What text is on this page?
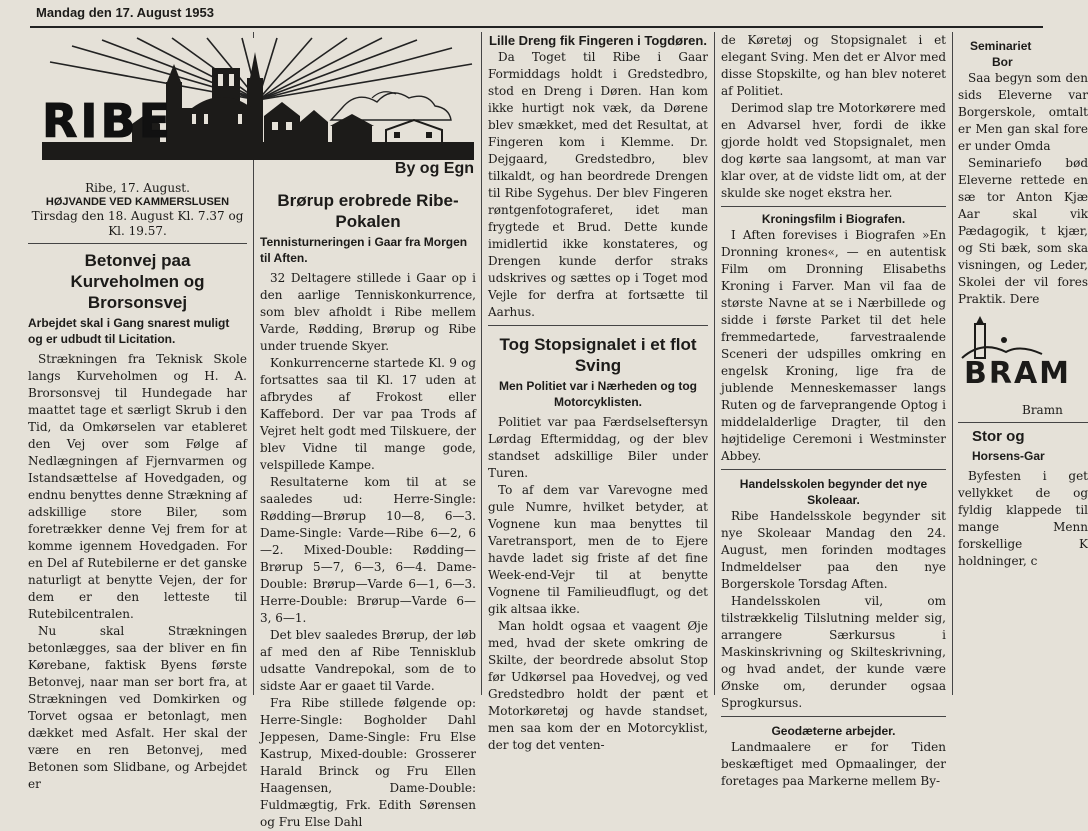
Mandag den 17. August 1953
RIBE
By og Egn
Ribe, 17. August.
HØJVANDE VED KAMMERSLUSEN
Tirsdag den 18. August Kl. 7.37 og Kl. 19.57.
Betonvej paa Kurveholmen og Brorsonsvej
Arbejdet skal i Gang snarest muligt og er udbudt til Licitation.

Strækningen fra Teknisk Skole langs Kurveholmen og H. A. Brorsonsvej til Hundegade har maattet tage et særligt Skrub i den Tid, da Omkørselen var etableret den Vej over som Følge af Nedlægningen af Fjernvarmen og Istandsættelse af Hovedgaden, og endnu benyttes denne Strækning af adskillige store Biler, som foretrækker denne Vej frem for at komme igennem Hovedgaden. For en Del af Rutebilerne er det ganske naturligt at benytte Vejen, der for dem er den letteste til Rutebilcentralen.

Nu skal Strækningen betonlægges, saa der bliver en fin Kørebane, faktisk Byens første Betonvej, naar man ser bort fra, at Strækningen ved Domkirken og Torvet ogsaa er betonlagt, men dækket med Asfalt. Her skal der være en ren Betonvej, med Betonen som Slidbane, og Arbejdet er

Brørup erobrede Ribe-Pokalen
Tennisturneringen i Gaar fra Morgen til Aften.

32 Deltagere stillede i Gaar op i den aarlige Tenniskonkurrence, som blev afholdt i Ribe mellem Varde, Rødding, Brørup og Ribe under truende Skyer.

Konkurrencerne startede Kl. 9 og fortsattes saa til Kl. 17 uden at afbrydes af Frokost eller Kaffebord. Der var paa Trods af Vejret helt godt med Tilskuere, der blev Vidne til mange gode, velspillede Kampe.

Resultaterne kom til at se saaledes ud: Herre-Single: Rødding—Brørup 10—8, 6—3. Dame-Single: Varde—Ribe 6—2, 6—2. Mixed-Double: Rødding—Brørup 5—7, 6—3, 6—4. Dame-Double: Brørup—Varde 6—1, 6—3. Herre-Double: Brørup—Varde 6—3, 6—1.

Det blev saaledes Brørup, der løb af med den af Ribe Tennisklub udsatte Vandrepokal, som de to sidste Aar er gaaet til Varde.

Fra Ribe stillede følgende op: Herre-Single: Bogholder Dahl Jeppesen, Dame-Single: Fru Else Kastrup, Mixed-double: Grosserer Harald Brinck og Fru Ellen Haagensen, Dame-Double: Fuldmægtig, Frk. Edith Sørensen og Fru Else Dahl

Lille Dreng fik Fingeren i Togdøren.

Da Toget til Ribe i Gaar Formiddags holdt i Gredstedbro, stod en Dreng i Døren. Han kom ikke hurtigt nok væk, da Dørene blev smækket, med det Resultat, at Fingeren kom i Klemme. Dr. Dejgaard, Gredstedbro, blev tilkaldt, og han beordrede Drengen til Ribe Sygehus. Der blev Fingeren røntgenfotograferet, idet man frygtede et Brud. Dette kunde imidlertid ikke konstateres, og Drengen kunde derfor straks udskrives og sættes op i Toget mod Vejle for derfra at fortsætte til Aarhus.

Tog Stopsignalet i et flot Sving
Men Politiet var i Nærheden og tog Motorcyklisten.

Politiet var paa Færdselseftersyn Lørdag Eftermiddag, og der blev standset adskillige Biler under Turen.

To af dem var Varevogne med gule Numre, hvilket betyder, at Vognene kun maa benyttes til Varetransport, men de to Ejere havde ladet sig friste af det fine Week-end-Vejr til at benytte Vognene til Familieudflugt, og det gik altsaa ikke.

Man holdt ogsaa et vaagent Øje med, hvad der skete omkring de Skilte, der beordrede absolut Stop før Udkørsel paa Hovedvej, og ved Gredstedbro holdt der pænt et Motorkøretøj og havde standset, men saa kom der en Motorcyklist, der tog det venten-

de Køretøj og Stopsignalet i et elegant Sving. Men det er Alvor med disse Stopskilte, og han blev noteret af Politiet.

Derimod slap tre Motorkørere med en Advarsel hver, fordi de ikke gjorde holdt ved Stopsignalet, men dog kørte saa langsomt, at man var klar over, at de vidste lidt om, at der skulde ske noget ekstra her.

Kroningsfilm i Biografen.

I Aften forevises i Biografen »En Dronning krones«, — en autentisk Film om Dronning Elisabeths Kroning i Farver. Man vil faa de største Navne at se i Nærbillede og sidde i første Parket til det hele fremmedartede, farvestraalende Sceneri der udspilles omkring en engelsk Kroning, lige fra de jublende Menneskemasser langs Ruten og de farveprangende Optog i middelalderlige Dragter, til den højtidelige Ceremoni i Westminster Abbey.

Handelsskolen begynder det nye Skoleaar.

Ribe Handelsskole begynder sit nye Skoleaar Mandag den 24. August, men forinden modtages Indmeldelser paa den nye Borgerskole Torsdag Aften.

Handelsskolen vil, om tilstrækkelig Tilslutning melder sig, arrangere Særkursus i Maskinskrivning og Skilteskrivning, og hvad andet, der kunde være Ønske om, derunder ogsaa Sprogkursus.

Geodæterne arbejder.

Landmaalere er for Tiden beskæftiget med Opmaalinger, der foretages paa Markerne mellem By-

Seminariet
Bor

Saa begyn som den sids Eleverne var Borgerskole, omtalt er Men gan skal fore er under Omda

Seminariefo bød Eleverne rettede en sæ tor Anton Kjæ Aar skal vik Pædagogik, t kjær, og Sti bæk, som ska visningen, og Leder, Skolei der vil fores Praktik. Dere

BRAM
Bramn
Stor og
Horsens-Gar

Byfesten i get vellykket de og fyldig klappede til mange Menn forskellige K holdninger, c
